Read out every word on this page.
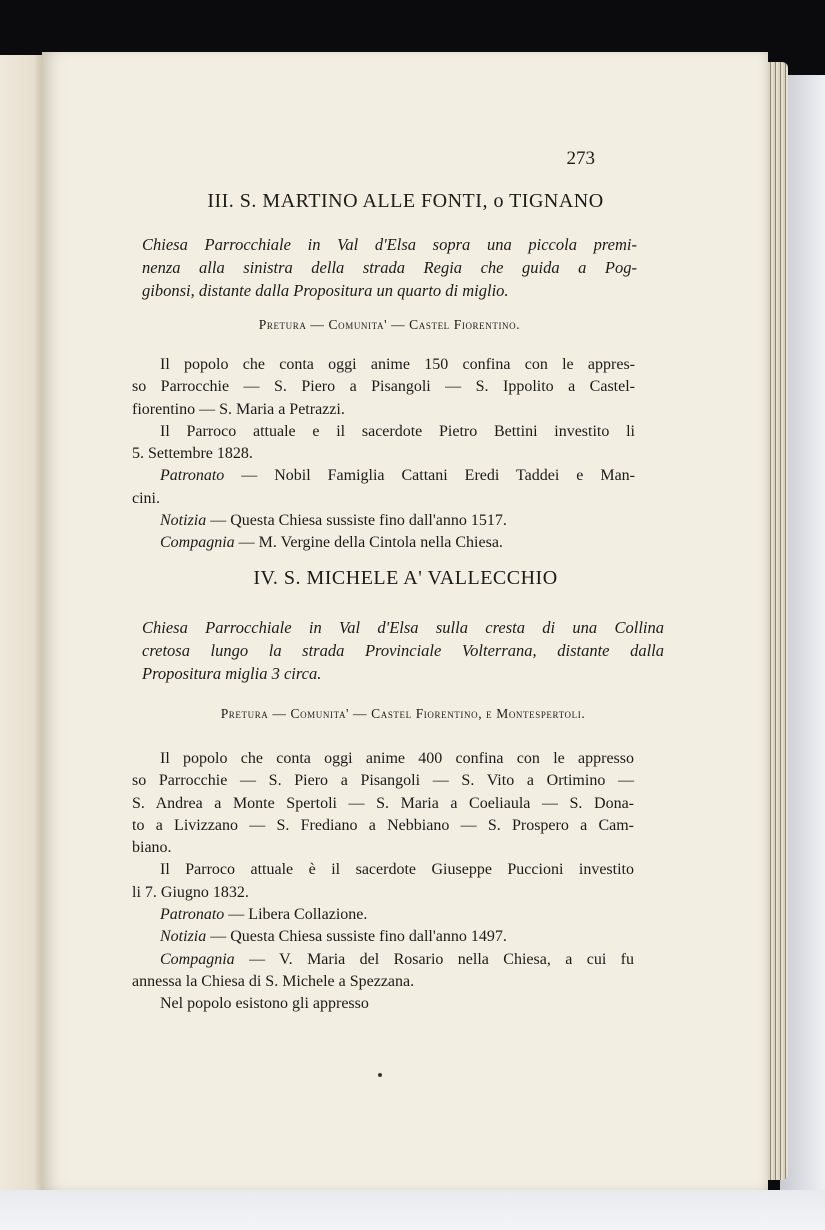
273
III. S. MARTINO ALLE FONTI, o TIGNANO
Chiesa Parrocchiale in Val d'Elsa sopra una piccola premi-
nenza alla sinistra della strada Regia che guida a Pog-
gibonsi, distante dalla Propositura un quarto di miglio.
Pretura — Comunita' — Castel Fiorentino.
Il popolo che conta oggi anime 150 confina con le appres-
so Parrocchie — S. Piero a Pisangoli — S. Ippolito a Castel-
fiorentino — S. Maria a Petrazzi.
Il Parroco attuale e il sacerdote Pietro Bettini investito li
5. Settembre 1828.
Patronato — Nobil Famiglia Cattani Eredi Taddei e Man-
cini.
Notizia — Questa Chiesa sussiste fino dall'anno 1517.
Compagnia — M. Vergine della Cintola nella Chiesa.
IV. S. MICHELE A' VALLECCHIO
Chiesa Parrocchiale in Val d'Elsa sulla cresta di una Collina
cretosa lungo la strada Provinciale Volterrana, distante dalla
Propositura miglia 3 circa.
Pretura — Comunita' — Castel Fiorentino, e Montespertoli.
Il popolo che conta oggi anime 400 confina con le appresso
so Parrocchie — S. Piero a Pisangoli — S. Vito a Ortimino —
S. Andrea a Monte Spertoli — S. Maria a Coeliaula — S. Dona-
to a Livizzano — S. Frediano a Nebbiano — S. Prospero a Cam-
biano.
Il Parroco attuale è il sacerdote Giuseppe Puccioni investito
li 7. Giugno 1832.
Patronato — Libera Collazione.
Notizia — Questa Chiesa sussiste fino dall'anno 1497.
Compagnia — V. Maria del Rosario nella Chiesa, a cui fu
annessa la Chiesa di S. Michele a Spezzana.
Nel popolo esistono gli appresso
